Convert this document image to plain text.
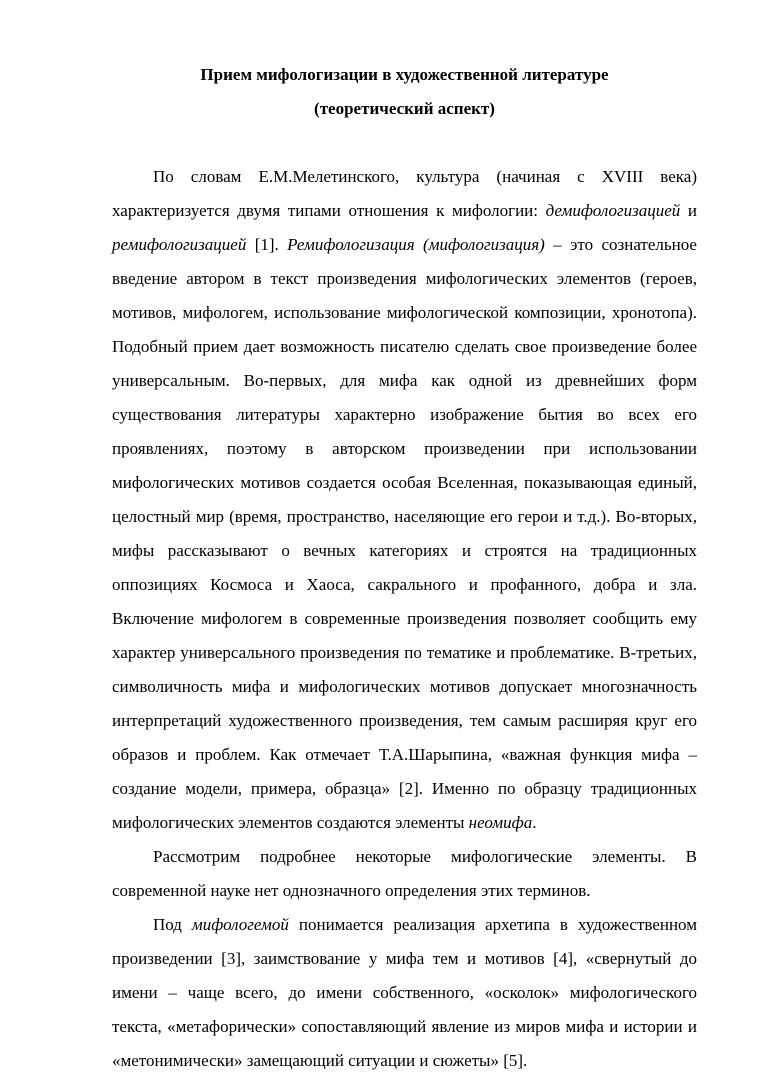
Прием мифологизации в художественной литературе
(теоретический аспект)

По словам Е.М.Мелетинского, культура (начиная с XVIII века) характеризуется двумя типами отношения к мифологии: демифологизацией и ремифологизацией [1]. Ремифологизация (мифологизация) – это сознательное введение автором в текст произведения мифологических элементов (героев, мотивов, мифологем, использование мифологической композиции, хронотопа). Подобный прием дает возможность писателю сделать свое произведение более универсальным. Во-первых, для мифа как одной из древнейших форм существования литературы характерно изображение бытия во всех его проявлениях, поэтому в авторском произведении при использовании мифологических мотивов создается особая Вселенная, показывающая единый, целостный мир (время, пространство, населяющие его герои и т.д.). Во-вторых, мифы рассказывают о вечных категориях и строятся на традиционных оппозициях Космоса и Хаоса, сакрального и профанного, добра и зла. Включение мифологем в современные произведения позволяет сообщить ему характер универсального произведения по тематике и проблематике. В-третьих, символичность мифа и мифологических мотивов допускает многозначность интерпретаций художественного произведения, тем самым расширяя круг его образов и проблем. Как отмечает Т.А.Шарыпина, «важная функция мифа – создание модели, примера, образца» [2]. Именно по образцу традиционных мифологических элементов создаются элементы неомифа.

Рассмотрим подробнее некоторые мифологические элементы. В современной науке нет однозначного определения этих терминов.

Под мифологемой понимается реализация архетипа в художественном произведении [3], заимствование у мифа тем и мотивов [4], «свернутый до имени – чаще всего, до имени собственного, «осколок» мифологического текста, «метафорически» сопоставляющий явление из миров мифа и истории и «метонимически» замещающий ситуации и сюжеты» [5].
